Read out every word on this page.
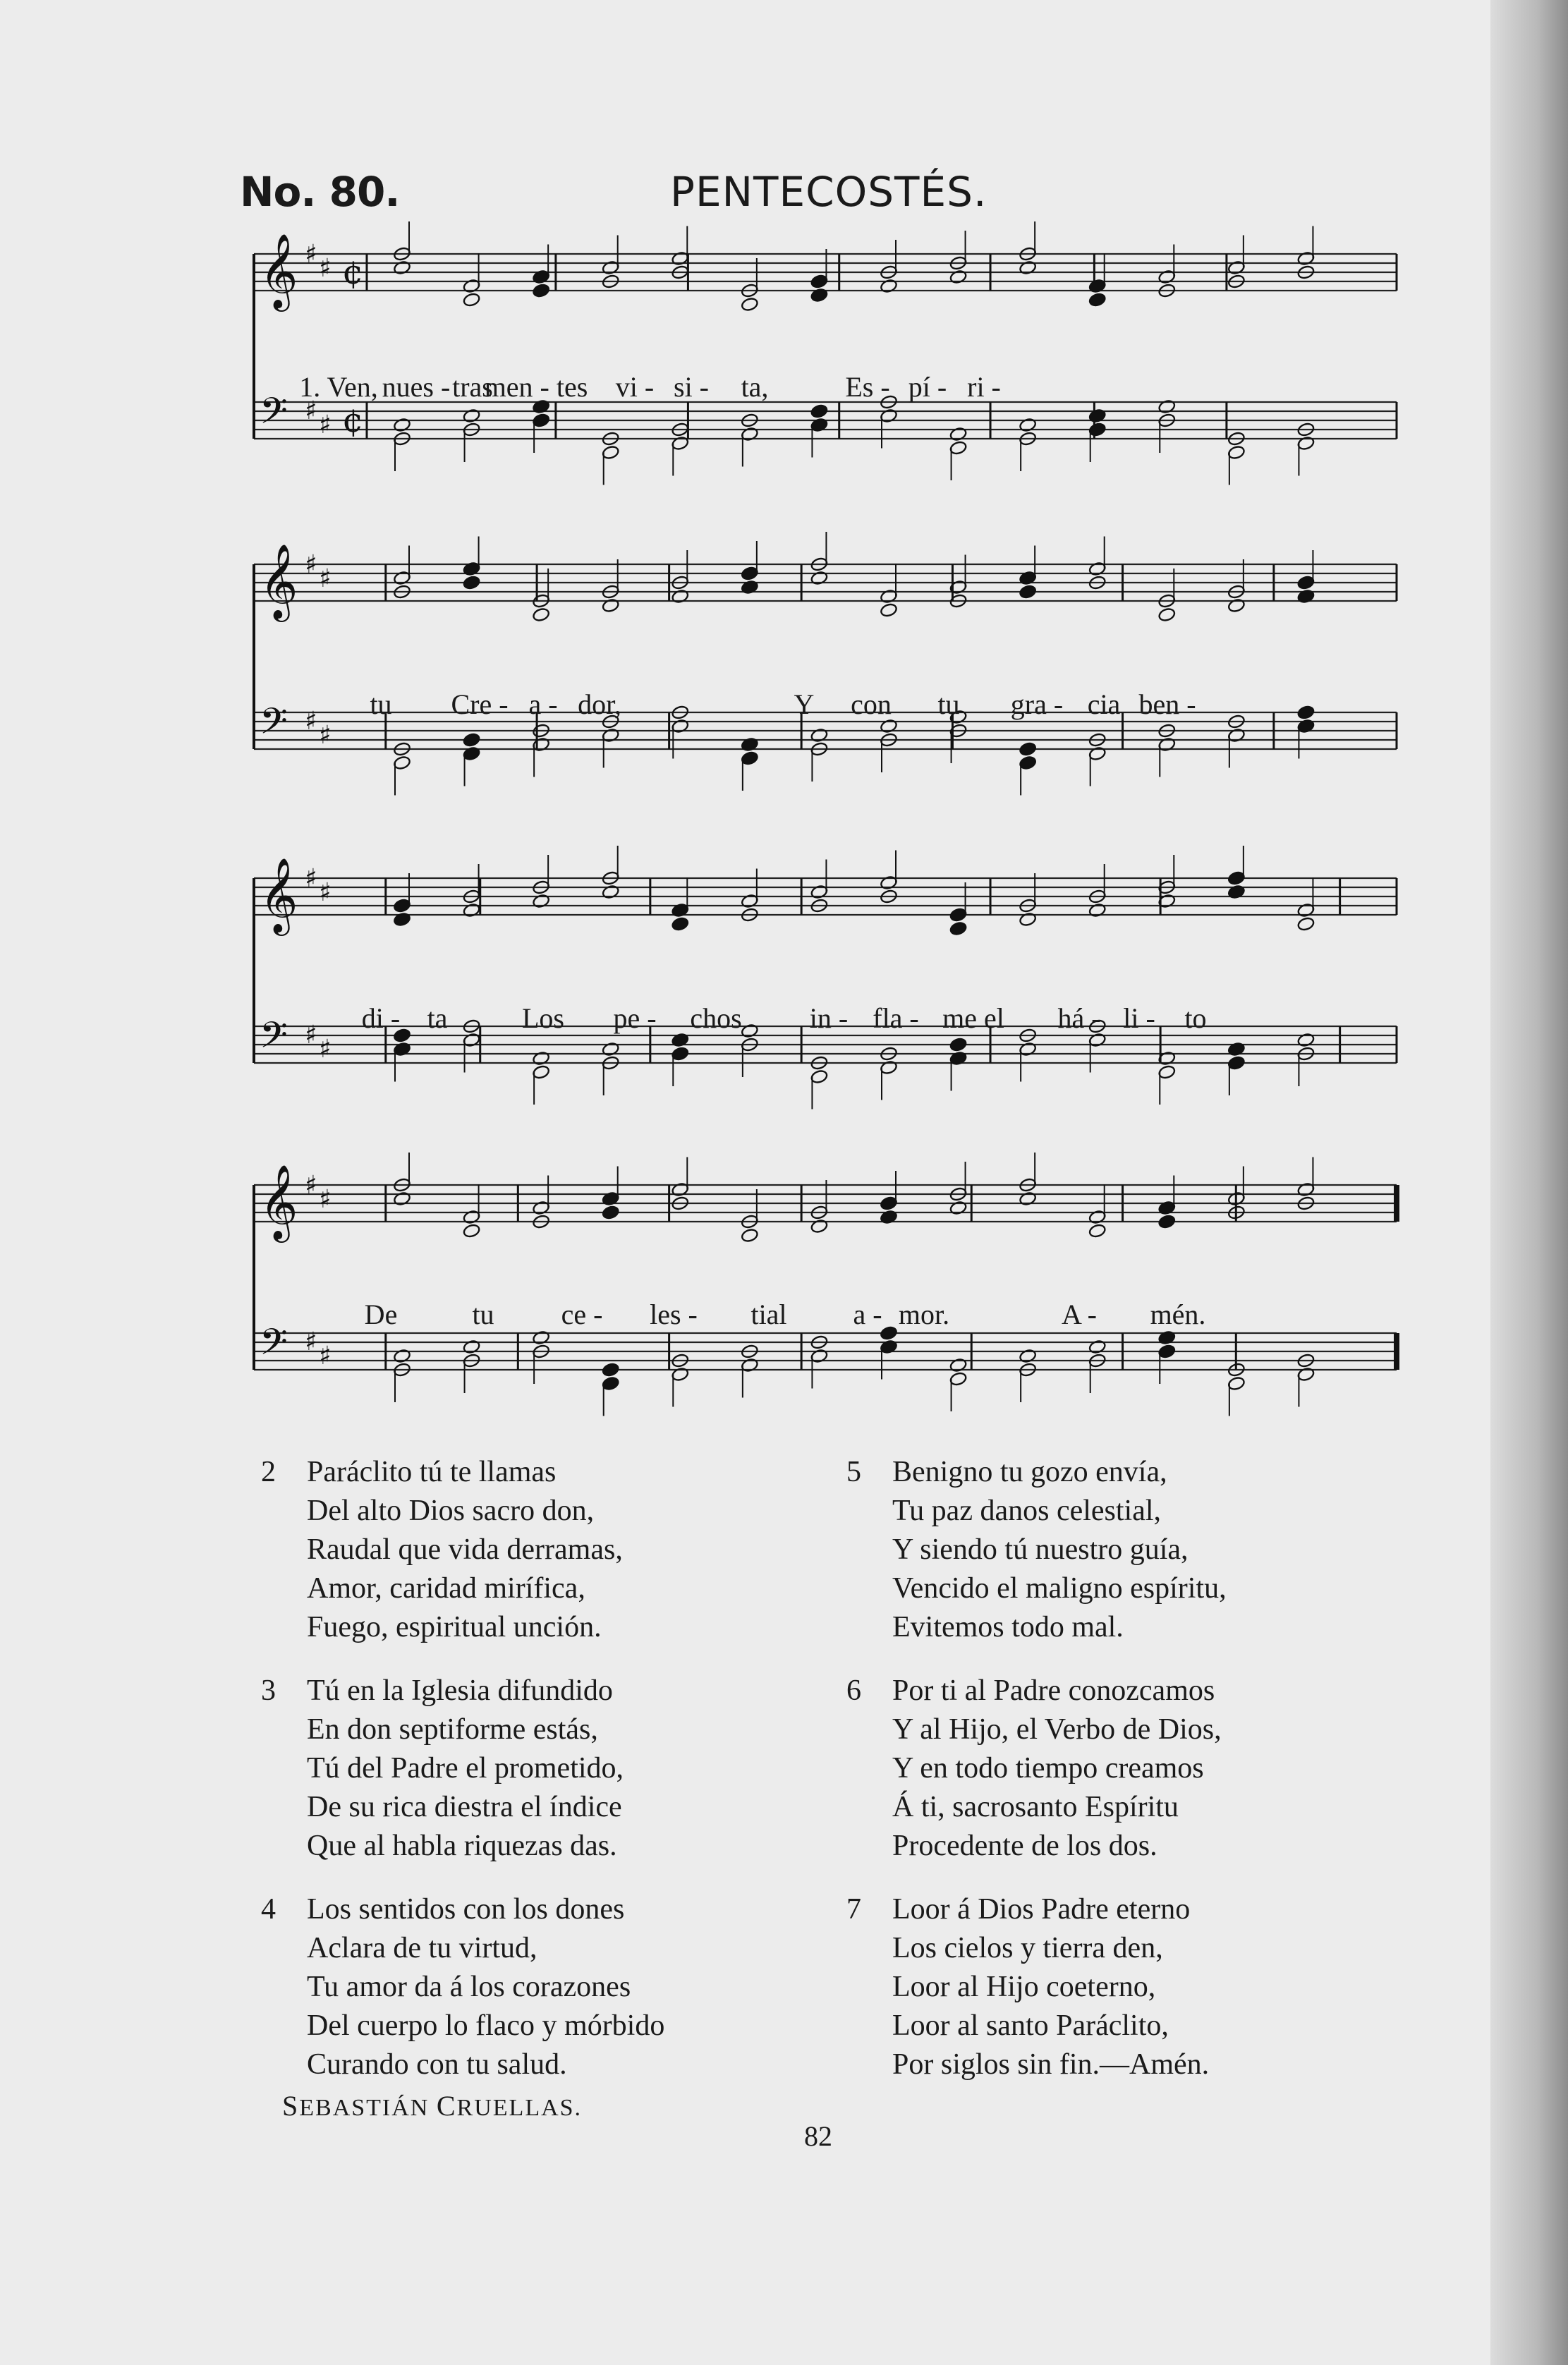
No. 80.	PENTECOSTÉS.
𝄞 ♯ ♯ ¢
𝄢 ♯ ♯ ¢
1. Ven, nues - tras
men - tes vi - si - ta,	Es - pí - ri -
𝄞 ♯ ♯
𝄢 ♯ ♯
tu Cre - a - dor,	Y con tu gra - cia ben -
𝄞 ♯ ♯
𝄢 ♯ ♯
di - ta	Los pe - chos in - fla - me el há - li - to
𝄞 ♯ ♯
𝄢 ♯ ♯
De	tu ce - les - tial a - mor.	A - mén.
2	Paráclito tú te llamas
Del alto Dios sacro don,
Raudal que vida derramas,
Amor, caridad mirífica,
Fuego, espiritual unción.
3	Tú en la Iglesia difundido
En don septiforme estás,
Tú del Padre el prometido,
De su rica diestra el índice
Que al habla riquezas das.
4	Los sentidos con los dones
Aclara de tu virtud,
Tu amor da á los corazones
Del cuerpo lo flaco y mórbido
Curando con tu salud.
5	Benigno tu gozo envía,
Tu paz danos celestial,
Y siendo tú nuestro guía,
Vencido el maligno espíritu,
Evitemos todo mal.
6	Por ti al Padre conozcamos
Y al Hijo, el Verbo de Dios,
Y en todo tiempo creamos
Á ti, sacrosanto Espíritu
Procedente de los dos.
7	Loor á Dios Padre eterno
Los cielos y tierra den,
Loor al Hijo coeterno,
Loor al santo Paráclito,
Por siglos sin fin.—Amén.
SEBASTIÁN CRUELLAS.
82
